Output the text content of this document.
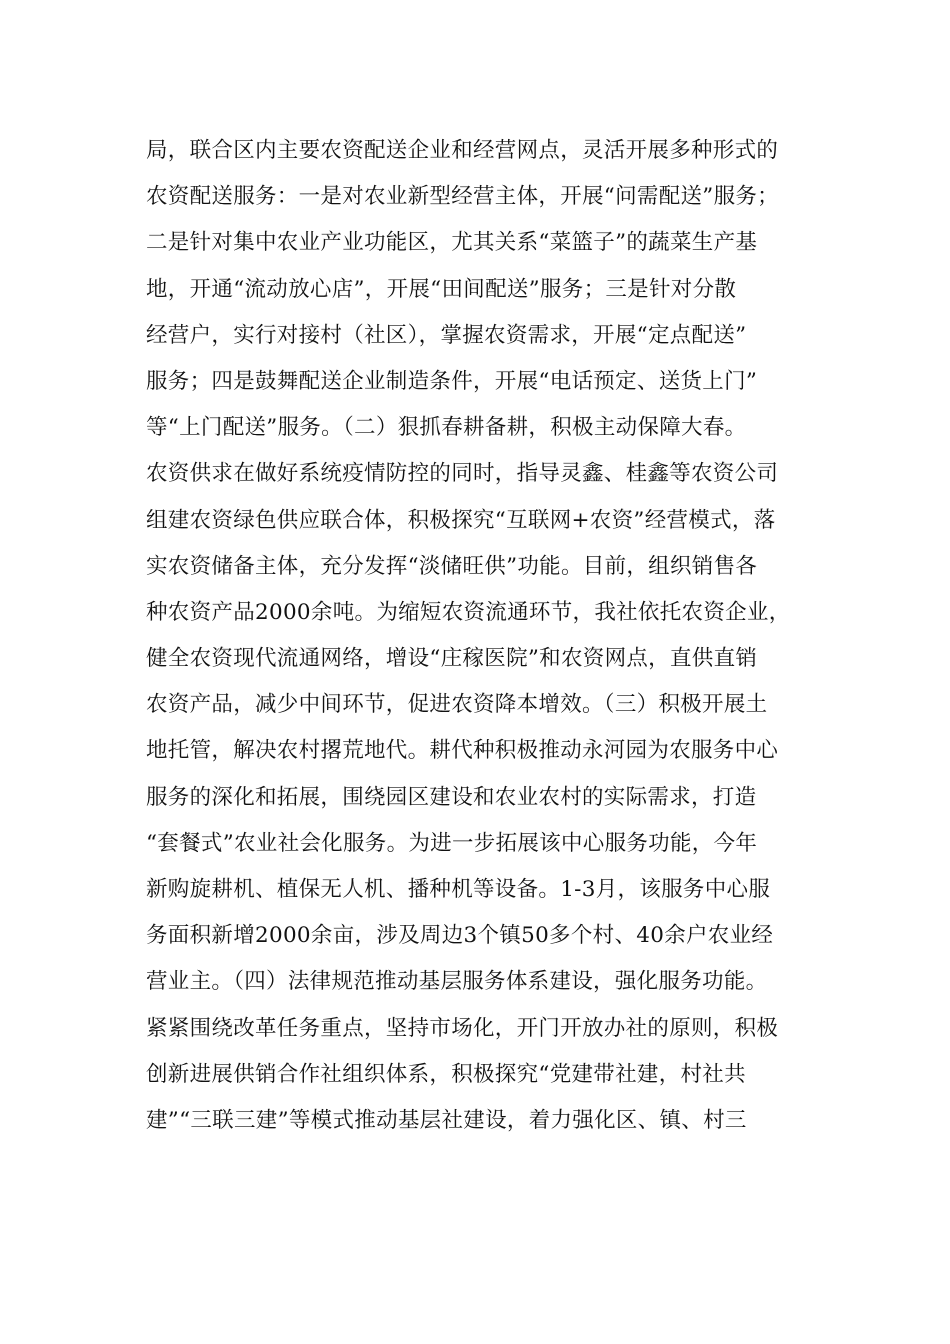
局，联合区内主要农资配送企业和经营网点，灵活开展多种形式的
农资配送服务：一是对农业新型经营主体，开展“问需配送”服务；
二是针对集中农业产业功能区，尤其关系“菜篮子”的蔬菜生产基
地，开通“流动放心店”，开展“田间配送”服务；三是针对分散
经营户，实行对接村（社区），掌握农资需求，开展“定点配送”
服务；四是鼓舞配送企业制造条件，开展“电话预定、送货上门”
等“上门配送”服务。（二）狠抓春耕备耕，积极主动保障大春。
农资供求在做好系统疫情防控的同时，指导灵鑫、桂鑫等农资公司
组建农资绿色供应联合体，积极探究“互联网+农资”经营模式，落
实农资储备主体，充分发挥“淡储旺供”功能。目前，组织销售各
种农资产品2000余吨。为缩短农资流通环节，我社依托农资企业，
健全农资现代流通网络，增设“庄稼医院”和农资网点，直供直销
农资产品，减少中间环节，促进农资降本增效。（三）积极开展土
地托管，解决农村撂荒地代。耕代种积极推动永河园为农服务中心
服务的深化和拓展，围绕园区建设和农业农村的实际需求，打造
“套餐式”农业社会化服务。为进一步拓展该中心服务功能，今年
新购旋耕机、植保无人机、播种机等设备。1-3月，该服务中心服
务面积新增2000余亩，涉及周边3个镇50多个村、40余户农业经
营业主。（四）法律规范推动基层服务体系建设，强化服务功能。
紧紧围绕改革任务重点，坚持市场化，开门开放办社的原则，积极
创新进展供销合作社组织体系，积极探究“党建带社建，村社共
建”“三联三建”等模式推动基层社建设，着力强化区、镇、村三
